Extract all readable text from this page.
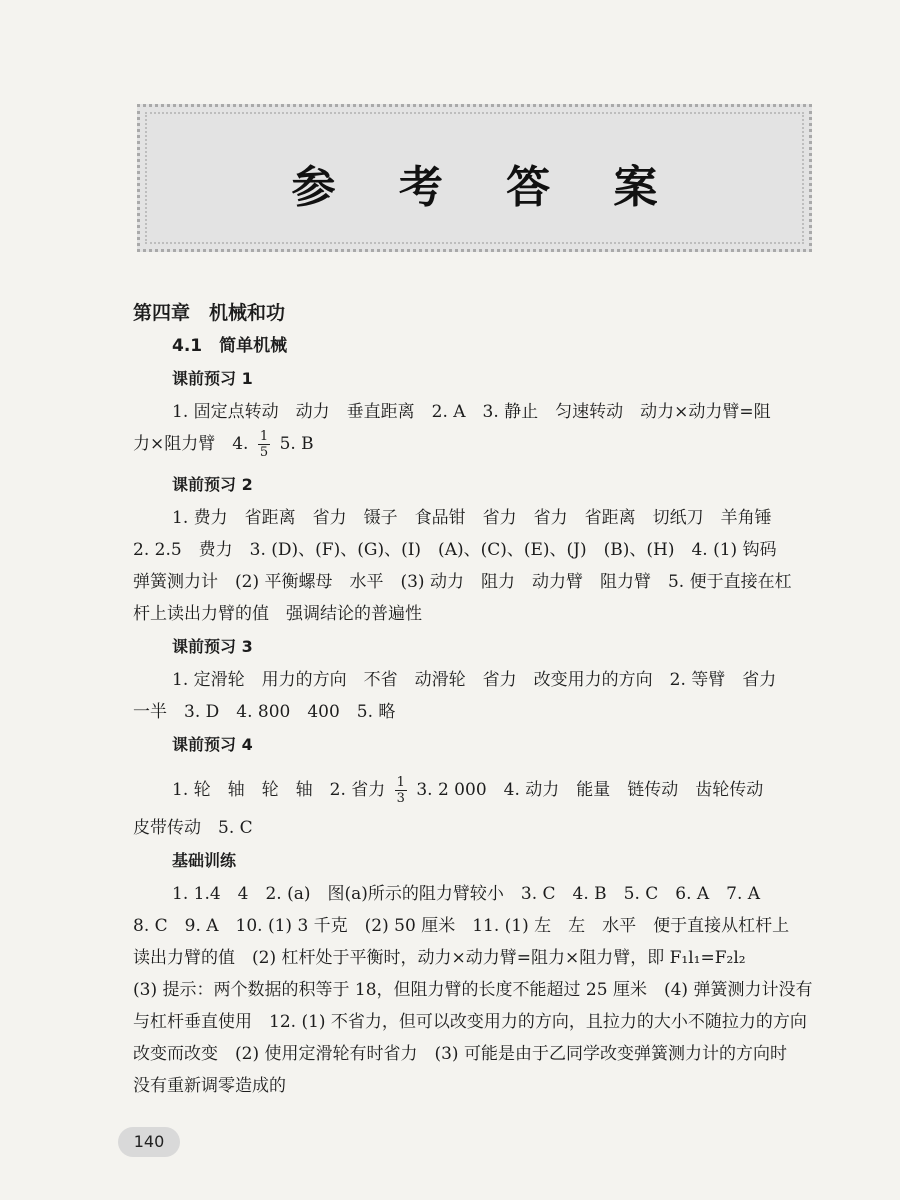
参 考 答 案
第四章　机械和功
4.1　简单机械
课前预习 1

1. 固定点转动　动力　垂直距离　2. A　3. 静止　匀速转动　动力×动力臂=阻
力×阻力臂　4. $\frac{1}{5} 5$. B

课前预习 2

1. 费力　省距离　省力　镊子　食品钳　省力　省力　省距离　切纸刀　羊角锤
2. 2.5　费力　3. (D)、(F)、(G)、(I)　(A)、(C)、(E)、(J)　(B)、(H)　4. (1) 钩码
弹簧测力计　(2) 平衡螺母　水平　(3) 动力　阻力　动力臂　阻力臂　5. 便于直接在杠
杆上读出力臂的值　强调结论的普遍性

课前预习 3

1. 定滑轮　用力的方向　不省　动滑轮　省力　改变用力的方向　2. 等臂　省力
一半　3. D　4. 800　400　5. 略

课前预习 4

1. 轮　轴　轮　轴　2. 省力 $\frac{1}{3} 3$. 2 000　4. 动力　能量　链传动　齿轮传动
皮带传动　5. C

基础训练

1. 1.4　4　2. (a)　图(a)所示的阻力臂较小　3. C　4. B　5. C　6. A　7. A
8. C　9. A　10. (1) 3 千克　(2) 50 厘米　11. (1) 左　左　水平　便于直接从杠杆上
读出力臂的值　(2) 杠杆处于平衡时，动力×动力臂=阻力×阻力臂，即 F₁l₁=F₂l₂
(3) 提示：两个数据的积等于 18，但阻力臂的长度不能超过 25 厘米　(4) 弹簧测力计没有
与杠杆垂直使用　12. (1) 不省力，但可以改变用力的方向，且拉力的大小不随拉力的方向
改变而改变　(2) 使用定滑轮有时省力　(3) 可能是由于乙同学改变弹簧测力计的方向时
没有重新调零造成的

140
